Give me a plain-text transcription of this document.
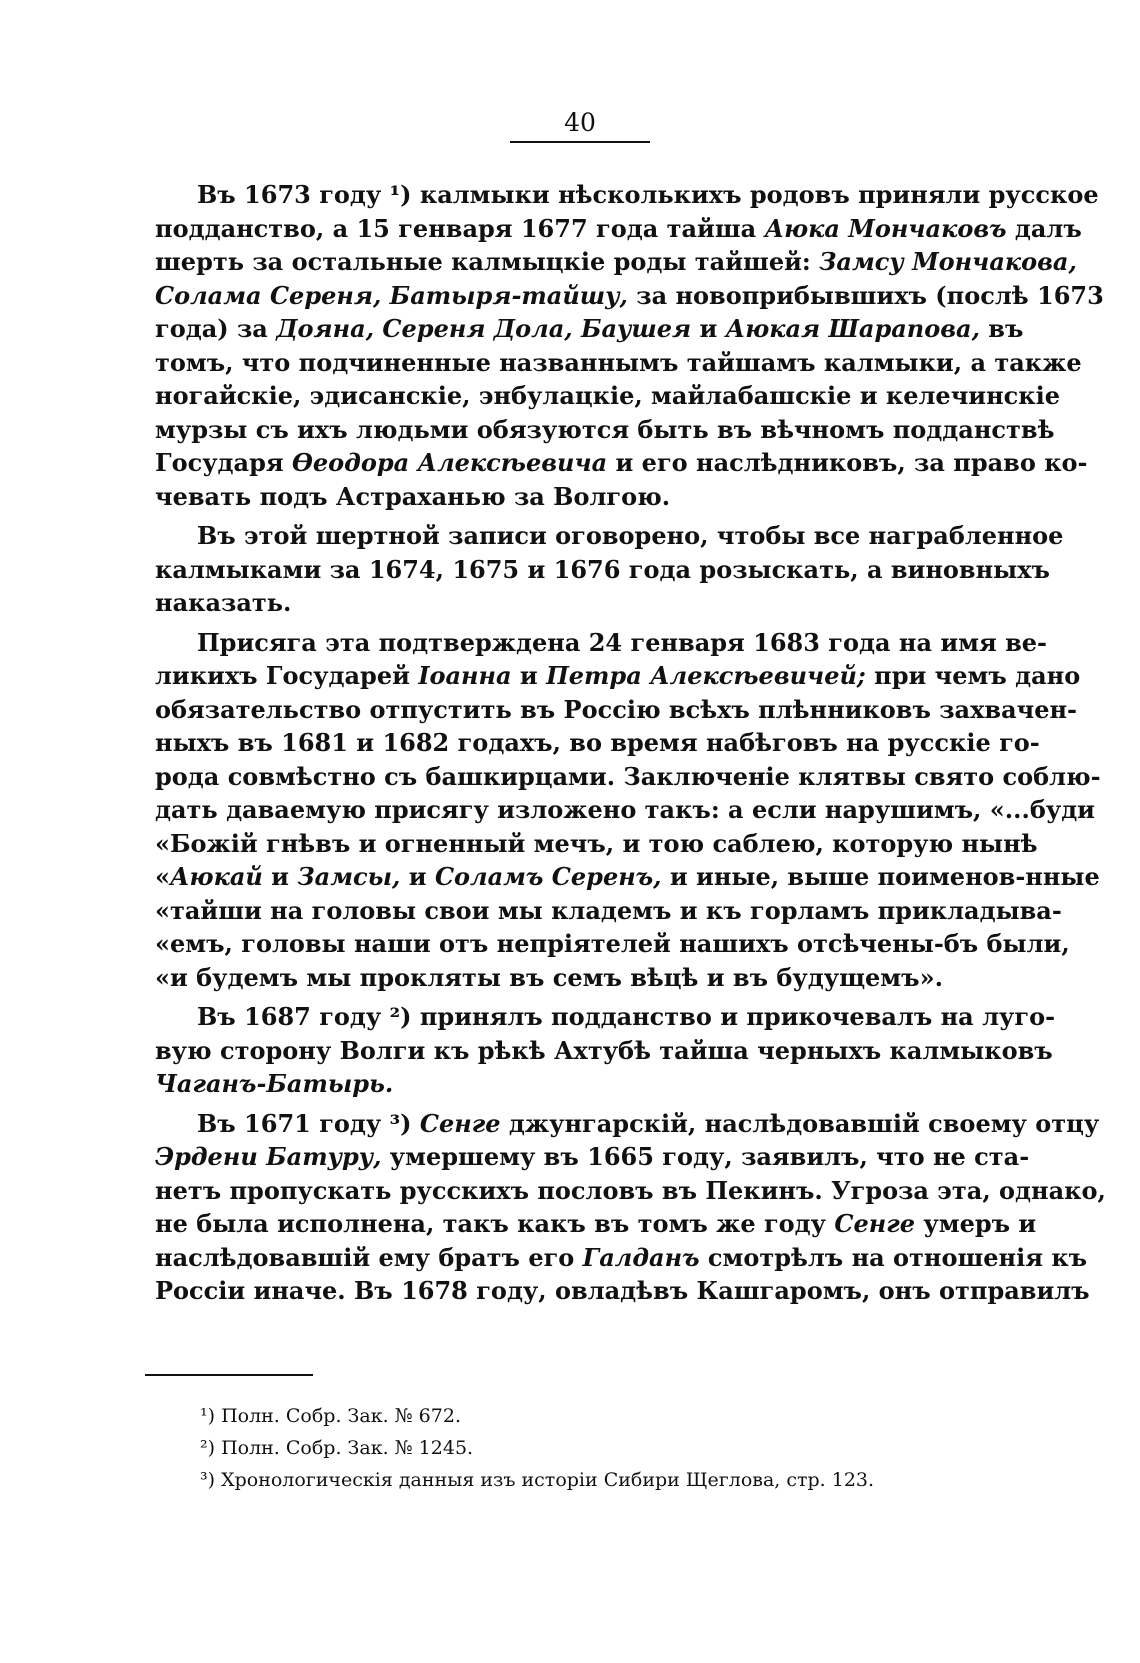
40
Въ 1673 году ¹) калмыки нѣсколькихъ родовъ приняли русское
подданство, а 15 генваря 1677 года тайша Аюка Мончаковъ далъ
шерть за остальные калмыцкіе роды тайшей: Замсу Мончакова,
Солама Сереня, Батыря-тайшу, за новоприбывшихъ (послѣ 1673
года) за Дояна, Сереня Дола, Баушея и Аюкая Шарапова, въ
томъ, что подчиненные названнымъ тайшамъ калмыки, а также
ногайскіе, эдисанскіе, энбулацкіе, майлабашскіе и келечинскіе
мурзы съ ихъ людьми обязуются быть въ вѣчномъ подданствѣ
Государя Ѳеодора Алексѣевича и его наслѣдниковъ, за право ко-
чевать подъ Астраханью за Волгою.
Въ этой шертной записи оговорено, чтобы все награбленное
калмыками за 1674, 1675 и 1676 года розыскать, а виновныхъ
наказать.
Присяга эта подтверждена 24 генваря 1683 года на имя ве-
ликихъ Государей Іоанна и Петра Алексѣевичей; при чемъ дано
обязательство отпустить въ Россію всѣхъ плѣнниковъ захвачен-
ныхъ въ 1681 и 1682 годахъ, во время набѣговъ на русскіе го-
рода совмѣстно съ башкирцами. Заключеніе клятвы свято соблю-
дать даваемую присягу изложено такъ: а если нарушимъ, «...буди
«Божій гнѣвъ и огненный мечъ, и тою саблею, которую нынѣ
«Аюкай и Замсы, и Соламъ Серенъ, и иные, выше поименов-нные
«тайши на головы свои мы кладемъ и къ горламъ прикладыва-
«емъ, головы наши отъ непріятелей нашихъ отсѣчены-бъ были,
«и будемъ мы прокляты въ семъ вѣцѣ и въ будущемъ».
Въ 1687 году ²) принялъ подданство и прикочевалъ на луго-
вую сторону Волги къ рѣкѣ Ахтубѣ тайша черныхъ калмыковъ
Чаганъ-Батырь.
Въ 1671 году ³) Сенге джунгарскій, наслѣдовавшій своему отцу
Эрдени Батуру, умершему въ 1665 году, заявилъ, что не ста-
нетъ пропускать русскихъ пословъ въ Пекинъ. Угроза эта, однако,
не была исполнена, такъ какъ въ томъ же году Сенге умеръ и
наслѣдовавшій ему братъ его Галданъ смотрѣлъ на отношенія къ
Россіи иначе. Въ 1678 году, овладѣвъ Кашгаромъ, онъ отправилъ
¹) Полн. Собр. Зак. № 672.
²) Полн. Собр. Зак. № 1245.
³) Хронологическія данныя изъ исторіи Сибири Щеглова, стр. 123.
